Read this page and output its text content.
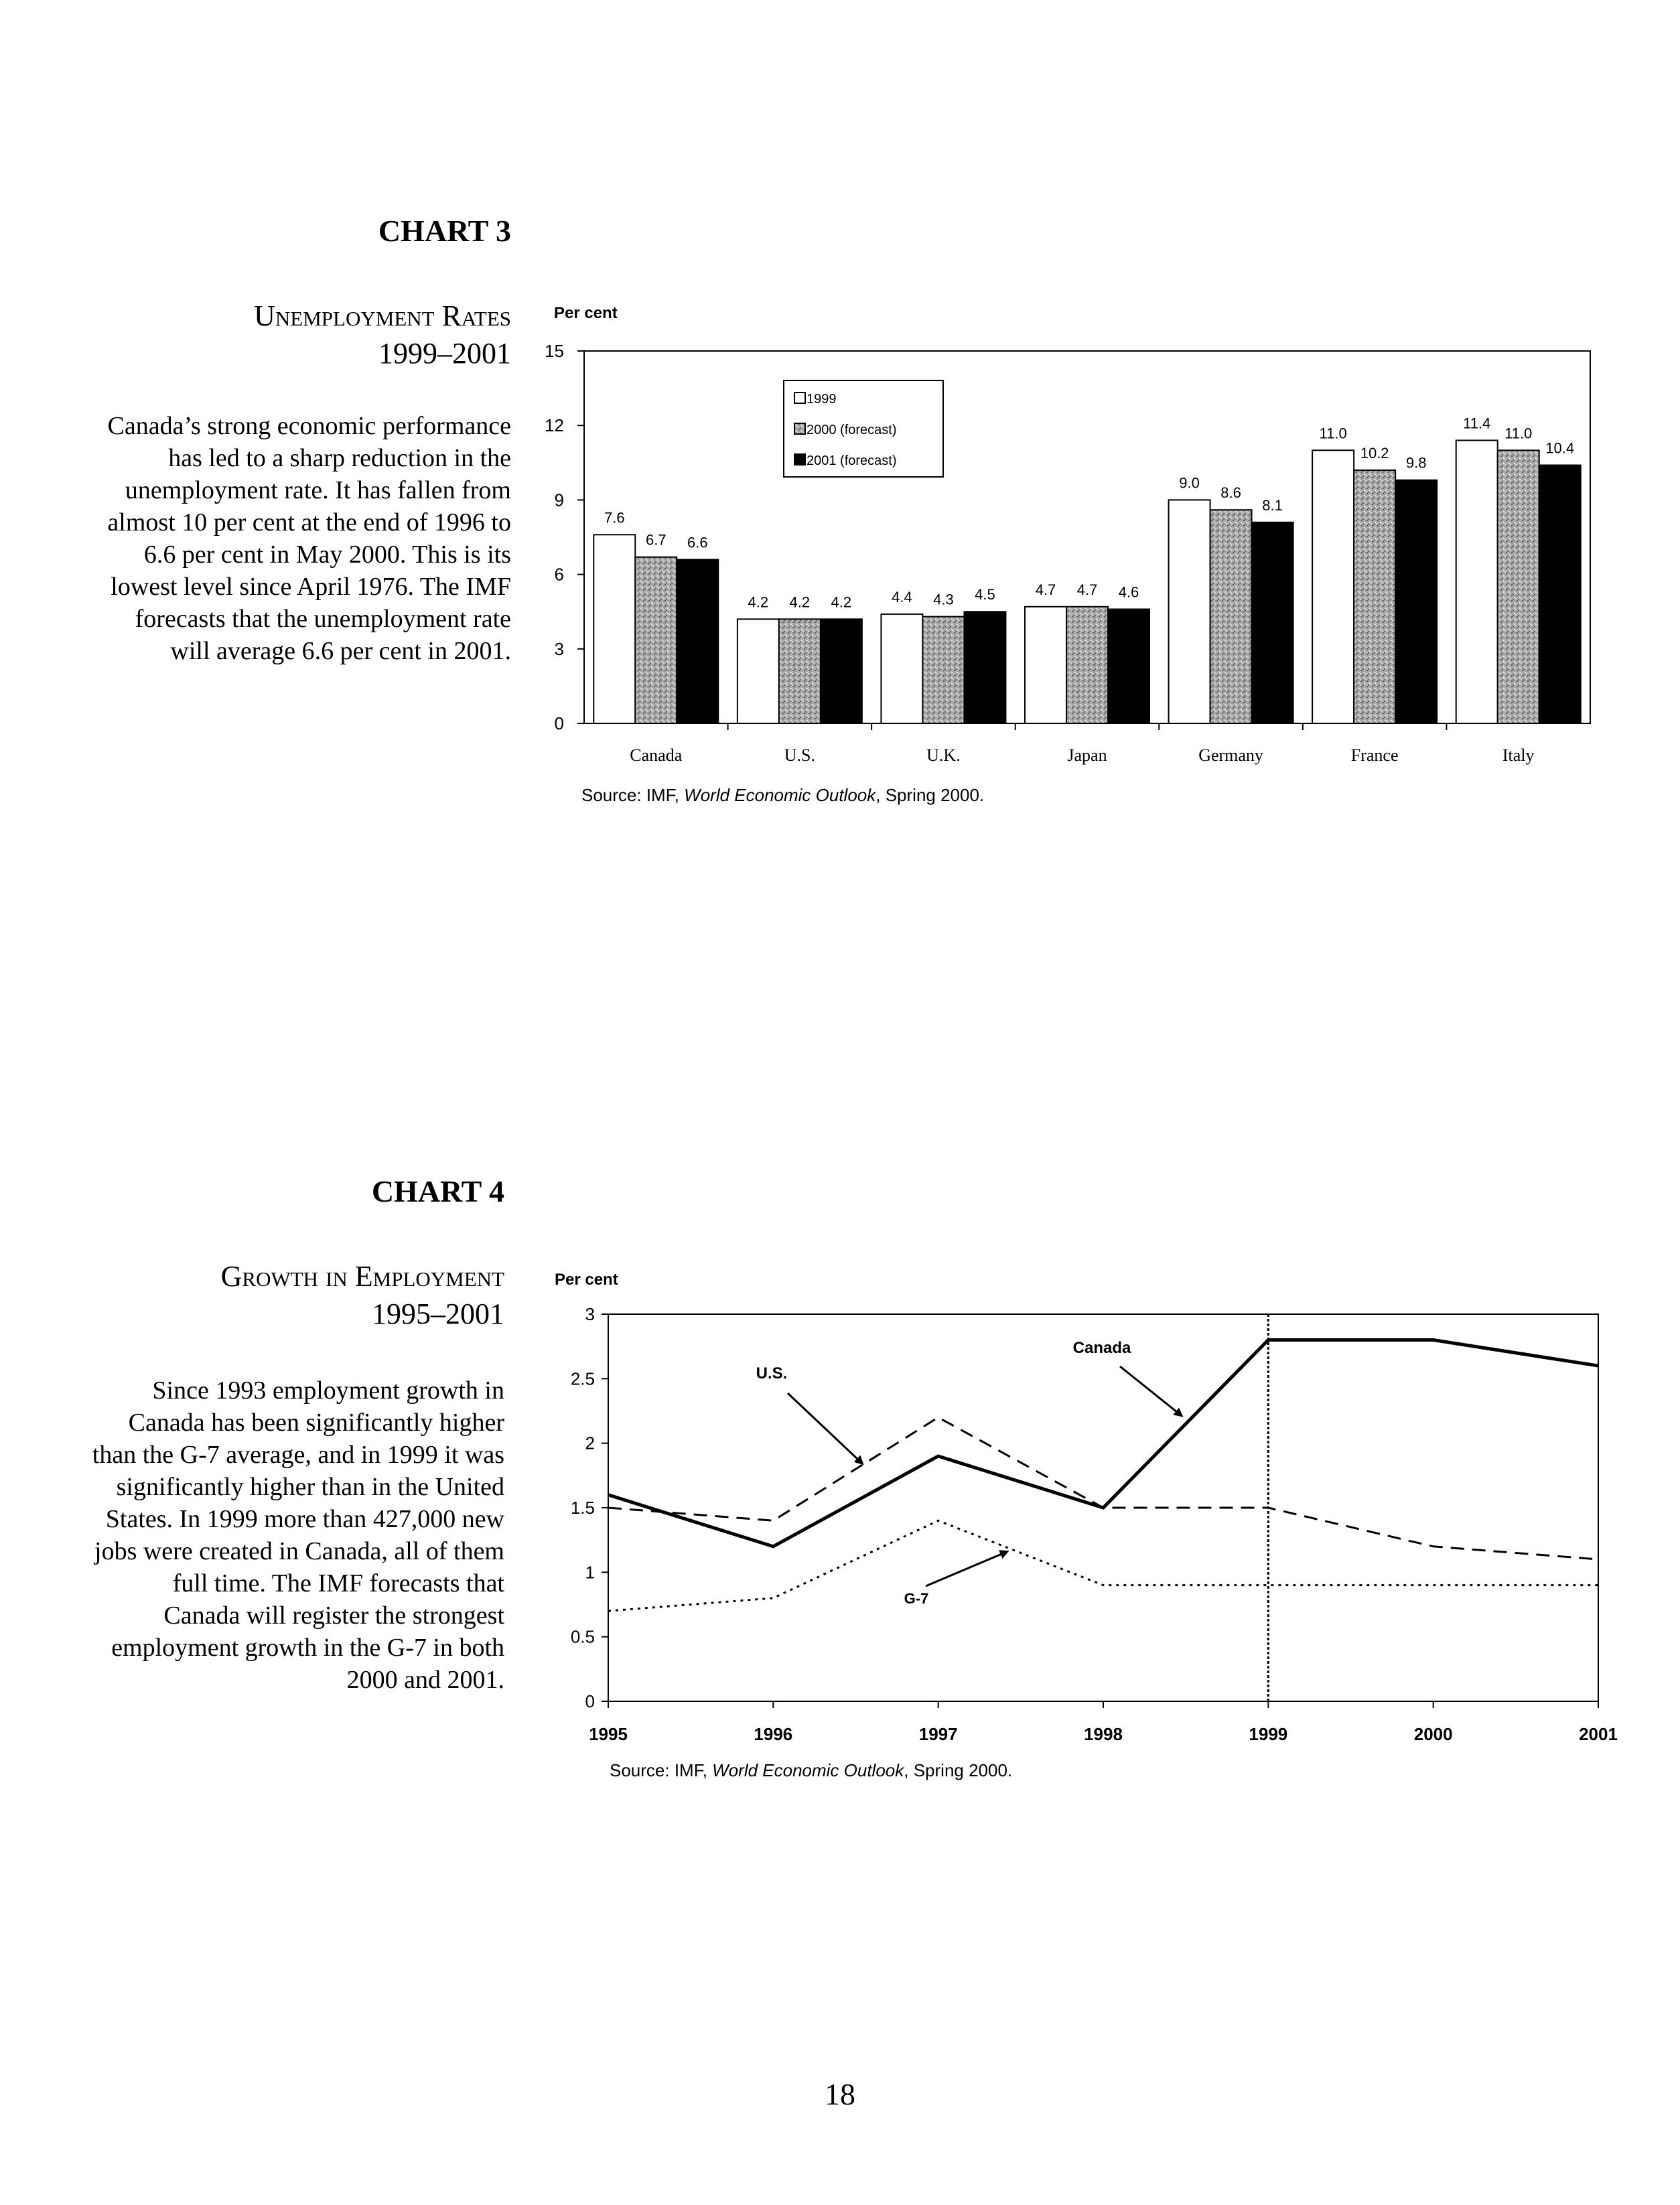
CHART 3
Unemployment Rates
1999–2001
Canada’s strong economic performance
has led to a sharp reduction in the
unemployment rate. It has fallen from
almost 10 per cent at the end of 1996 to
6.6 per cent in May 2000. This is its
lowest level since April 1976. The IMF
forecasts that the unemployment rate
will average 6.6 per cent in 2001.
CHART 4
Growth in Employment
1995–2001
Since 1993 employment growth in
Canada has been significantly higher
than the G-7 average, and in 1999 it was
significantly higher than in the United
States. In 1999 more than 427,000 new
jobs were created in Canada, all of them
full time. The IMF forecasts that
Canada will register the strongest
employment growth in the G-7 in both
2000 and 2001.
18
Per cent
0
3
6
9
12
15
Canada
7.6
6.7 6.6
U.S.
4.2 4.2 4.2
U.K.
4.4 4.3 4.5
Japan
4.7 4.7 4.6
Germany
9.0
8.6
8.1
France
11.0
10.2
9.8
Italy
11.4
11.0
10.4
1999
2000 (forecast)
2001 (forecast)
Source: IMF, World Economic Outlook, Spring 2000.
Per cent
0
0.5
1
1.5
2
2.5
3
1995	1996	1997	1998	1999	2000	2001
Canada
U.S.
G-7
Source: IMF, World Economic Outlook, Spring 2000.
